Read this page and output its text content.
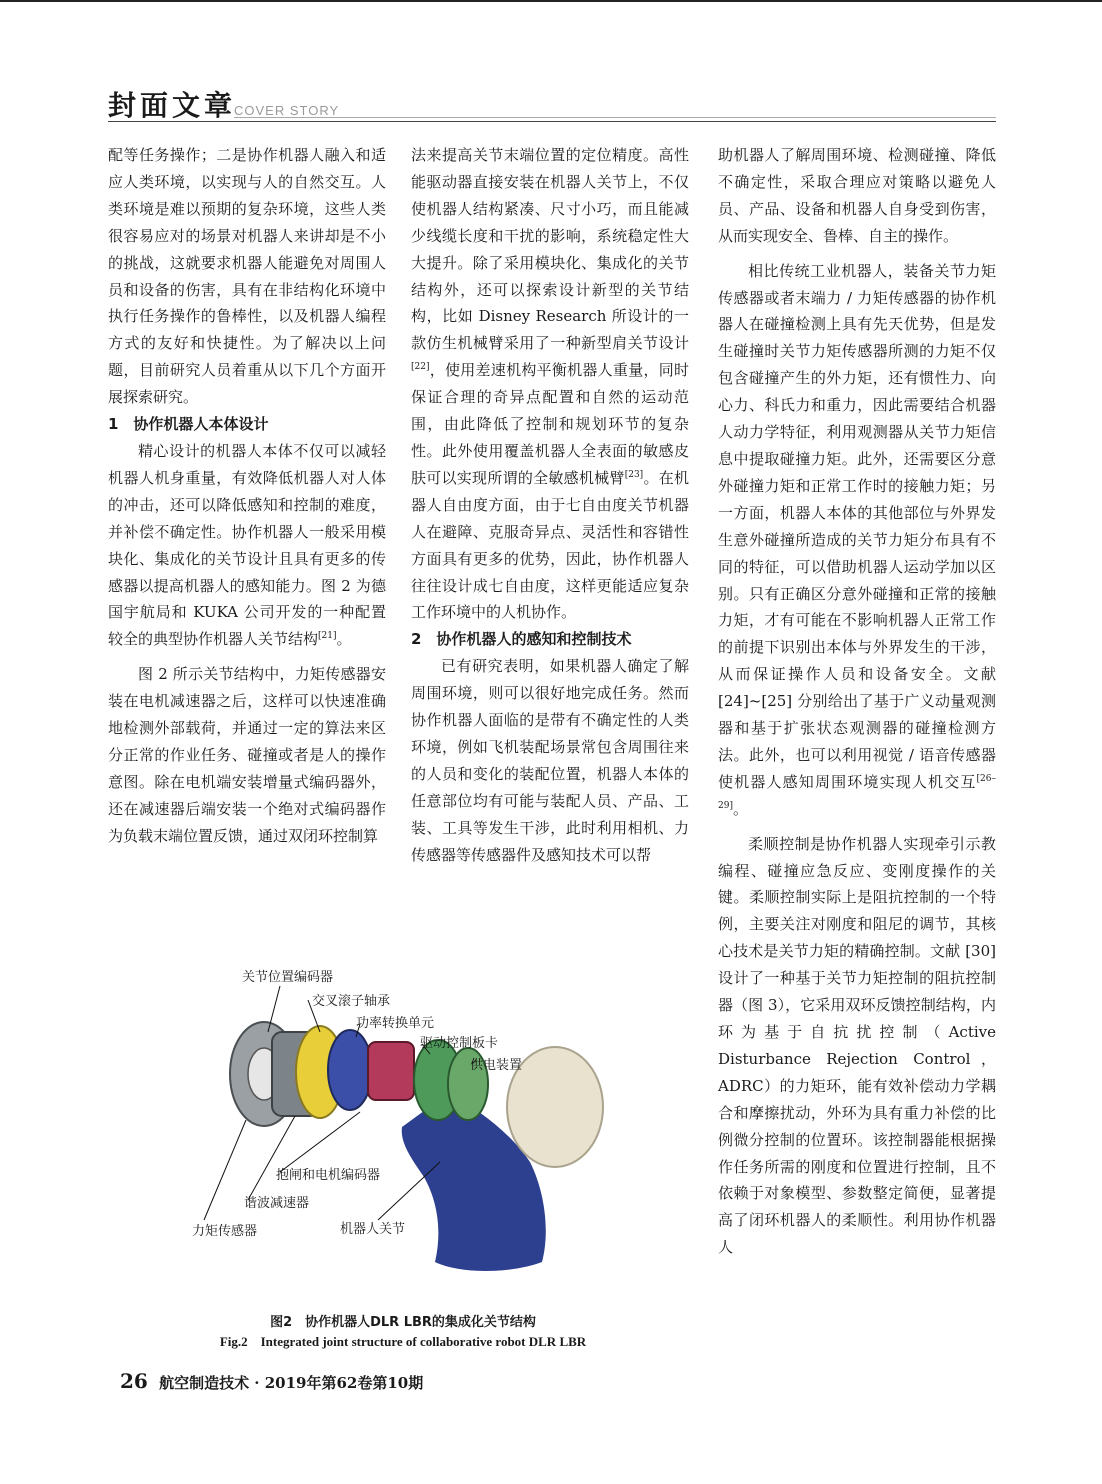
封面文章
COVER STORY

配等任务操作；二是协作机器人融入和适应人类环境，以实现与人的自然交互。人类环境是难以预期的复杂环境，这些人类很容易应对的场景对机器人来讲却是不小的挑战，这就要求机器人能避免对周围人员和设备的伤害，具有在非结构化环境中执行任务操作的鲁棒性，以及机器人编程方式的友好和快捷性。为了解决以上问题，目前研究人员着重从以下几个方面开展探索研究。

1　协作机器人本体设计

精心设计的机器人本体不仅可以减轻机器人机身重量，有效降低机器人对人体的冲击，还可以降低感知和控制的难度，并补偿不确定性。协作机器人一般采用模块化、集成化的关节设计且具有更多的传感器以提高机器人的感知能力。图 2 为德国宇航局和 KUKA 公司开发的一种配置较全的典型协作机器人关节结构[21]。

图 2 所示关节结构中，力矩传感器安装在电机减速器之后，这样可以快速准确地检测外部载荷，并通过一定的算法来区分正常的作业任务、碰撞或者是人的操作意图。除在电机端安装增量式编码器外，还在减速器后端安装一个绝对式编码器作为负载末端位置反馈，通过双闭环控制算

法来提高关节末端位置的定位精度。高性能驱动器直接安装在机器人关节上，不仅使机器人结构紧凑、尺寸小巧，而且能减少线缆长度和干扰的影响，系统稳定性大大提升。除了采用模块化、集成化的关节结构外，还可以探索设计新型的关节结构，比如 Disney Research 所设计的一款仿生机械臂采用了一种新型肩关节设计[22]，使用差速机构平衡机器人重量，同时保证合理的奇异点配置和自然的运动范围，由此降低了控制和规划环节的复杂性。此外使用覆盖机器人全表面的敏感皮肤可以实现所谓的全敏感机械臂[23]。在机器人自由度方面，由于七自由度关节机器人在避障、克服奇异点、灵活性和容错性方面具有更多的优势，因此，协作机器人往往设计成七自由度，这样更能适应复杂工作环境中的人机协作。

2　协作机器人的感知和控制技术

已有研究表明，如果机器人确定了解周围环境，则可以很好地完成任务。然而协作机器人面临的是带有不确定性的人类环境，例如飞机装配场景常包含周围往来的人员和变化的装配位置，机器人本体的任意部位均有可能与装配人员、产品、工装、工具等发生干涉，此时利用相机、力传感器等传感器件及感知技术可以帮

助机器人了解周围环境、检测碰撞、降低不确定性，采取合理应对策略以避免人员、产品、设备和机器人自身受到伤害，从而实现安全、鲁棒、自主的操作。

相比传统工业机器人，装备关节力矩传感器或者末端力 / 力矩传感器的协作机器人在碰撞检测上具有先天优势，但是发生碰撞时关节力矩传感器所测的力矩不仅包含碰撞产生的外力矩，还有惯性力、向心力、科氏力和重力，因此需要结合机器人动力学特征，利用观测器从关节力矩信息中提取碰撞力矩。此外，还需要区分意外碰撞力矩和正常工作时的接触力矩；另一方面，机器人本体的其他部位与外界发生意外碰撞所造成的关节力矩分布具有不同的特征，可以借助机器人运动学加以区别。只有正确区分意外碰撞和正常的接触力矩，才有可能在不影响机器人正常工作的前提下识别出本体与外界发生的干涉，从而保证操作人员和设备安全。文献 [24]~[25] 分别给出了基于广义动量观测器和基于扩张状态观测器的碰撞检测方法。此外，也可以利用视觉 / 语音传感器使机器人感知周围环境实现人机交互[26–29]。

柔顺控制是协作机器人实现牵引示教编程、碰撞应急反应、变刚度操作的关键。柔顺控制实际上是阻抗控制的一个特例，主要关注对刚度和阻尼的调节，其核心技术是关节力矩的精确控制。文献 [30] 设计了一种基于关节力矩控制的阻抗控制器（图 3），它采用双环反馈控制结构，内环为基于自抗扰控制（Active Disturbance Rejection Control，ADRC）的力矩环，能有效补偿动力学耦合和摩擦扰动，外环为具有重力补偿的比例微分控制的位置环。该控制器能根据操作任务所需的刚度和位置进行控制，且不依赖于对象模型、参数整定简便，显著提高了闭环机器人的柔顺性。利用协作机器人

关节位置编码器
交叉滚子轴承
功率转换单元
驱动控制板卡
供电装置
抱闸和电机编码器
谐波减速器
力矩传感器	机器人关节
图2　协作机器人DLR LBR的集成化关节结构
Fig.2　Integrated joint structure of collaborative robot DLR LBR
26 航空制造技术 · 2019年第62卷第10期
